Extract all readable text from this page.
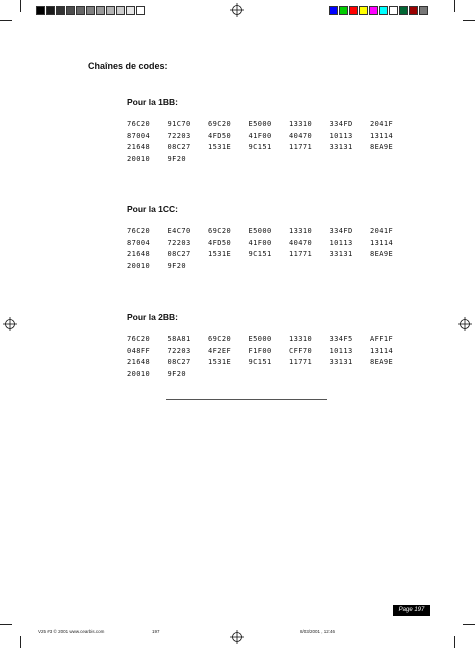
Chaînes de codes:
Pour la 1BB:
76C20 91C70 69C20 E5000 13310 334FD 2041F
87004 72203 4FD50 41F00 40470 10113 13114
21648 08C27 1531E 9C151 11771 33131 8EA9E
20010 9F20
Pour la 1CC:
76C20 E4C70 69C20 E5000 13310 334FD 2041F
87004 72203 4FD50 41F00 40470 10113 13114
21648 08C27 1531E 9C151 11771 33131 8EA9E
20010 9F20
Pour la 2BB:
76C20 58A81 69C20 E5000 13310 334F5 AFF1F
048FF 72203 4F2EF F1F00 CFF70 10113 13114
21648 08C27 1531E 9C151 11771 33131 8EA9E
20010 9F20
Page 197
V25 #3 © 2001 www.cearbis.com	197	8/03/2001 , 12:46
